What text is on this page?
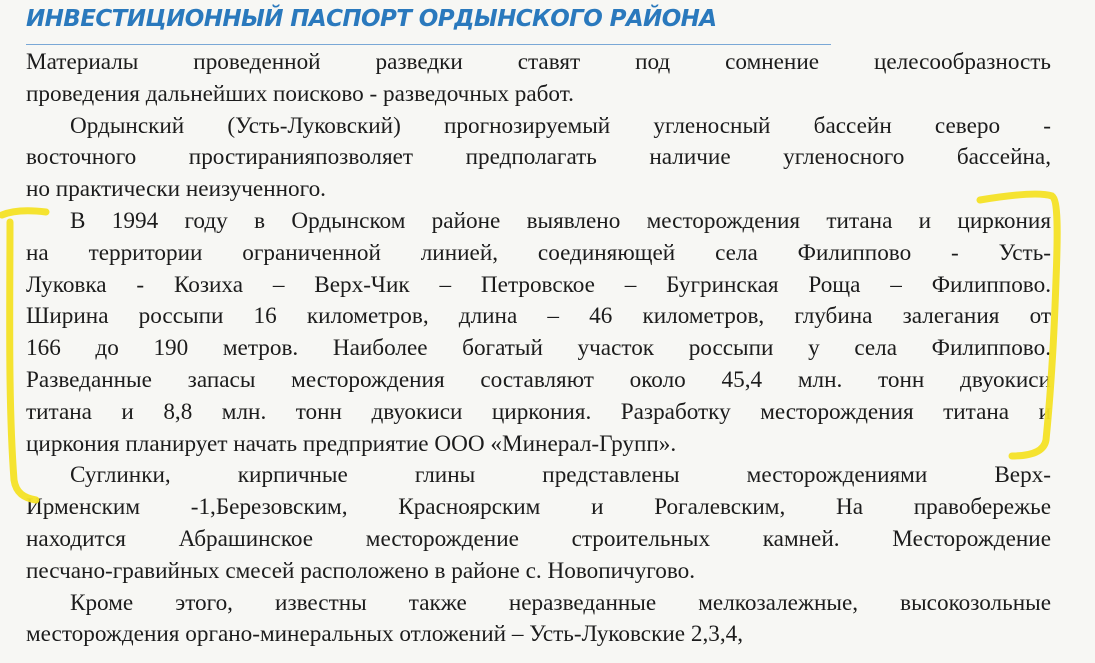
ИНВЕСТИЦИОННЫЙ ПАСПОРТ ОРДЫНСКОГО РАЙОНА

Материалы проведенной разведки ставят под сомнение целесообразность
проведения дальнейших поисково - разведочных работ.

Ордынский (Усть-Луковский) прогнозируемый угленосный бассейн северо -
восточного простиранияпозволяет предполагать наличие угленосного бассейна,
но практически неизученного.

В 1994 году в Ордынском районе выявлено месторождения титана и циркония
на территории ограниченной линией, соединяющей села Филиппово - Усть-
Луковка - Козиха – Верх-Чик – Петровское – Бугринская Роща – Филиппово.
Ширина россыпи 16 километров, длина – 46 километров, глубина залегания от
166 до 190 метров. Наиболее богатый участок россыпи у села Филиппово.
Разведанные запасы месторождения составляют около 45,4 млн. тонн двуокиси
титана и 8,8 млн. тонн двуокиси циркония. Разработку месторождения титана и
циркония планирует начать предприятие ООО «Минерал-Групп».

Суглинки, кирпичные глины представлены месторождениями Верх-
Ирменским -1,Березовским, Красноярским и Рогалевским, На правобережье
находится Абрашинское месторождение строительных камней. Месторождение
песчано-гравийных смесей расположено в районе с. Новопичугово.

Кроме этого, известны также неразведанные мелкозалежные, высокозольные
месторождения органо-минеральных отложений – Усть-Луковские 2,3,4,
